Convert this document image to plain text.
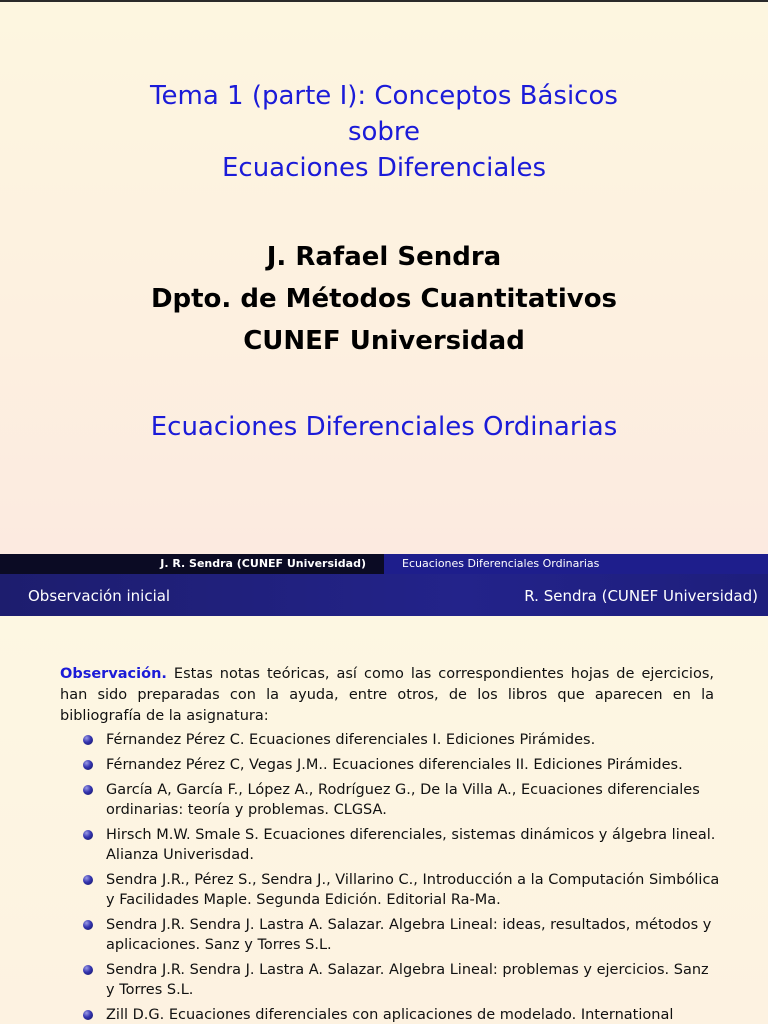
Tema 1 (parte I): Conceptos Básicos
sobre
Ecuaciones Diferenciales
J. Rafael Sendra
Dpto. de Métodos Cuantitativos
CUNEF Universidad
Ecuaciones Diferenciales Ordinarias
J. R. Sendra (CUNEF Universidad)	Ecuaciones Diferenciales Ordinarias
Observación inicial	R. Sendra (CUNEF Universidad)
Observación. Estas notas teóricas, así como las correspondientes hojas de ejercicios, han sido preparadas con la ayuda, entre otros, de los libros que aparecen en la bibliografía de la asignatura:
Férnandez Pérez C. Ecuaciones diferenciales I. Ediciones Pirámides.
Férnandez Pérez C, Vegas J.M.. Ecuaciones diferenciales II. Ediciones Pirámides.
García A, García F., López A., Rodríguez G., De la Villa A., Ecuaciones diferenciales ordinarias: teoría y problemas. CLGSA.
Hirsch M.W. Smale S. Ecuaciones diferenciales, sistemas dinámicos y álgebra lineal. Alianza Univerisdad.
Sendra J.R., Pérez S., Sendra J., Villarino C., Introducción a la Computación Simbólica y Facilidades Maple. Segunda Edición. Editorial Ra-Ma.
Sendra J.R. Sendra J. Lastra A. Salazar. Algebra Lineal: ideas, resultados, métodos y aplicaciones. Sanz y Torres S.L.
Sendra J.R. Sendra J. Lastra A. Salazar. Algebra Lineal: problemas y ejercicios. Sanz y Torres S.L.
Zill D.G. Ecuaciones diferenciales con aplicaciones de modelado. International
